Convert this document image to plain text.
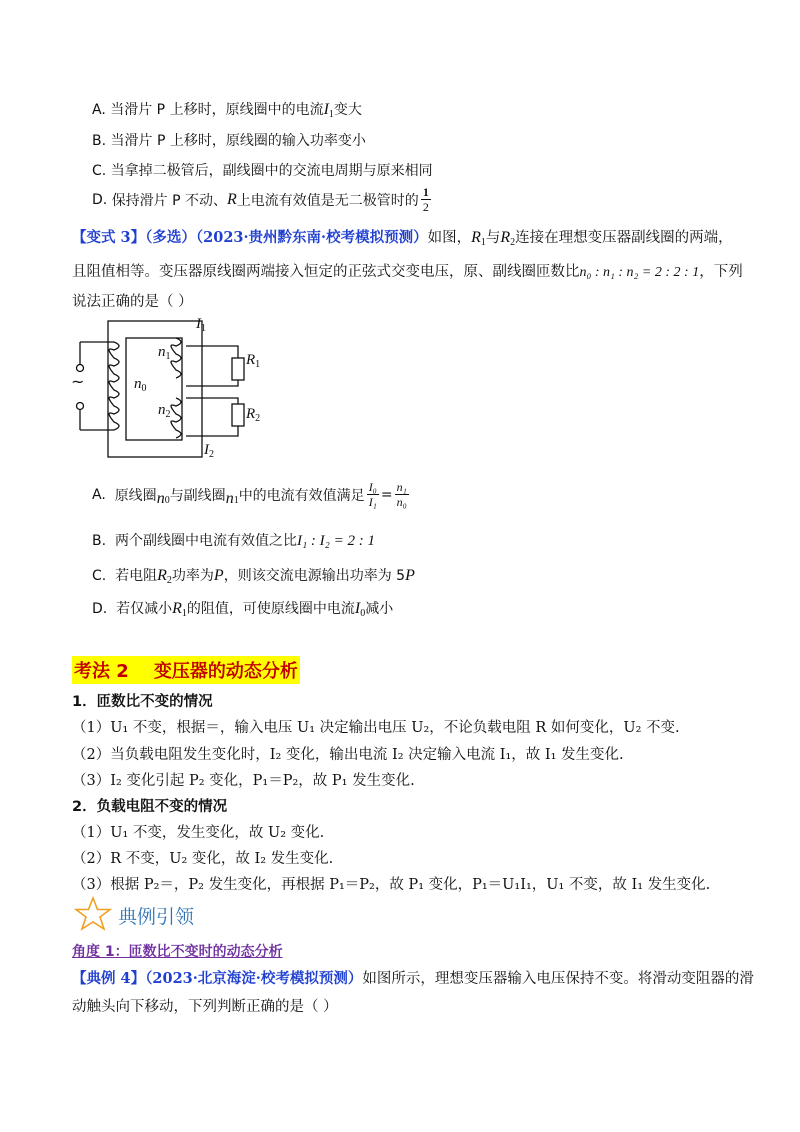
A. 当滑片 P 上移时，原线圈中的电流$I_1$变大
B. 当滑片 P 上移时，原线圈的输入功率变小
C. 当拿掉二极管后，副线圈中的交流电周期与原来相同
D.
保持滑片 P 不动、 R 上电流有效值是无二极管时的 $\frac{1}{2}$
【变式 3】（多选）（2023·贵州黔东南·校考模拟预测）如图，$R_1$与$R_2$连接在理想变压器副线圈的两端，
且阻值相等。变压器原线圈两端接入恒定的正弦式交变电压，原、副线圈匝数比n₀ : n₁ : n₂ = 2 : 2 : 1，下列
说法正确的是（ ）
$I_1$
$n_1$
$n_0$
$n_2$
$R_1$
$R_2$
$I_2$
~
A.
原线圈 n 0 与副线圈 n 1 中的电流有效值满足 $\frac{\text{I₀}}{\text{I₁}} = \frac{\text{n₁}}{\text{n₀}}$
B. 两个副线圈中电流有效值之比I₁ : I₂ = 2 : 1
C. 若电阻$R_2$功率为P，则该交流电源输出功率为 5P
D. 若仅减小$R_1$的阻值，可使原线圈中电流$I_0$减小
考法 2    变压器的动态分析
1．匝数比不变的情况
（1）U₁ 不变，根据＝，输入电压 U₁ 决定输出电压 U₂，不论负载电阻 R 如何变化，U₂ 不变.
（2）当负载电阻发生变化时，I₂ 变化，输出电流 I₂ 决定输入电流 I₁，故 I₁ 发生变化.
（3）I₂ 变化引起 P₂ 变化，P₁＝P₂，故 P₁ 发生变化.
2．负载电阻不变的情况
（1）U₁ 不变，发生变化，故 U₂ 变化.
（2）R 不变，U₂ 变化，故 I₂ 发生变化.
（3）根据 P₂＝，P₂ 发生变化，再根据 P₁＝P₂，故 P₁ 变化，P₁＝U₁I₁，U₁ 不变，故 I₁ 发生变化.
典例引领
角度 1：匝数比不变时的动态分析
【典例 4】（2023·北京海淀·校考模拟预测）如图所示，理想变压器输入电压保持不变。将滑动变阻器的滑
动触头向下移动，下列判断正确的是（ ）
